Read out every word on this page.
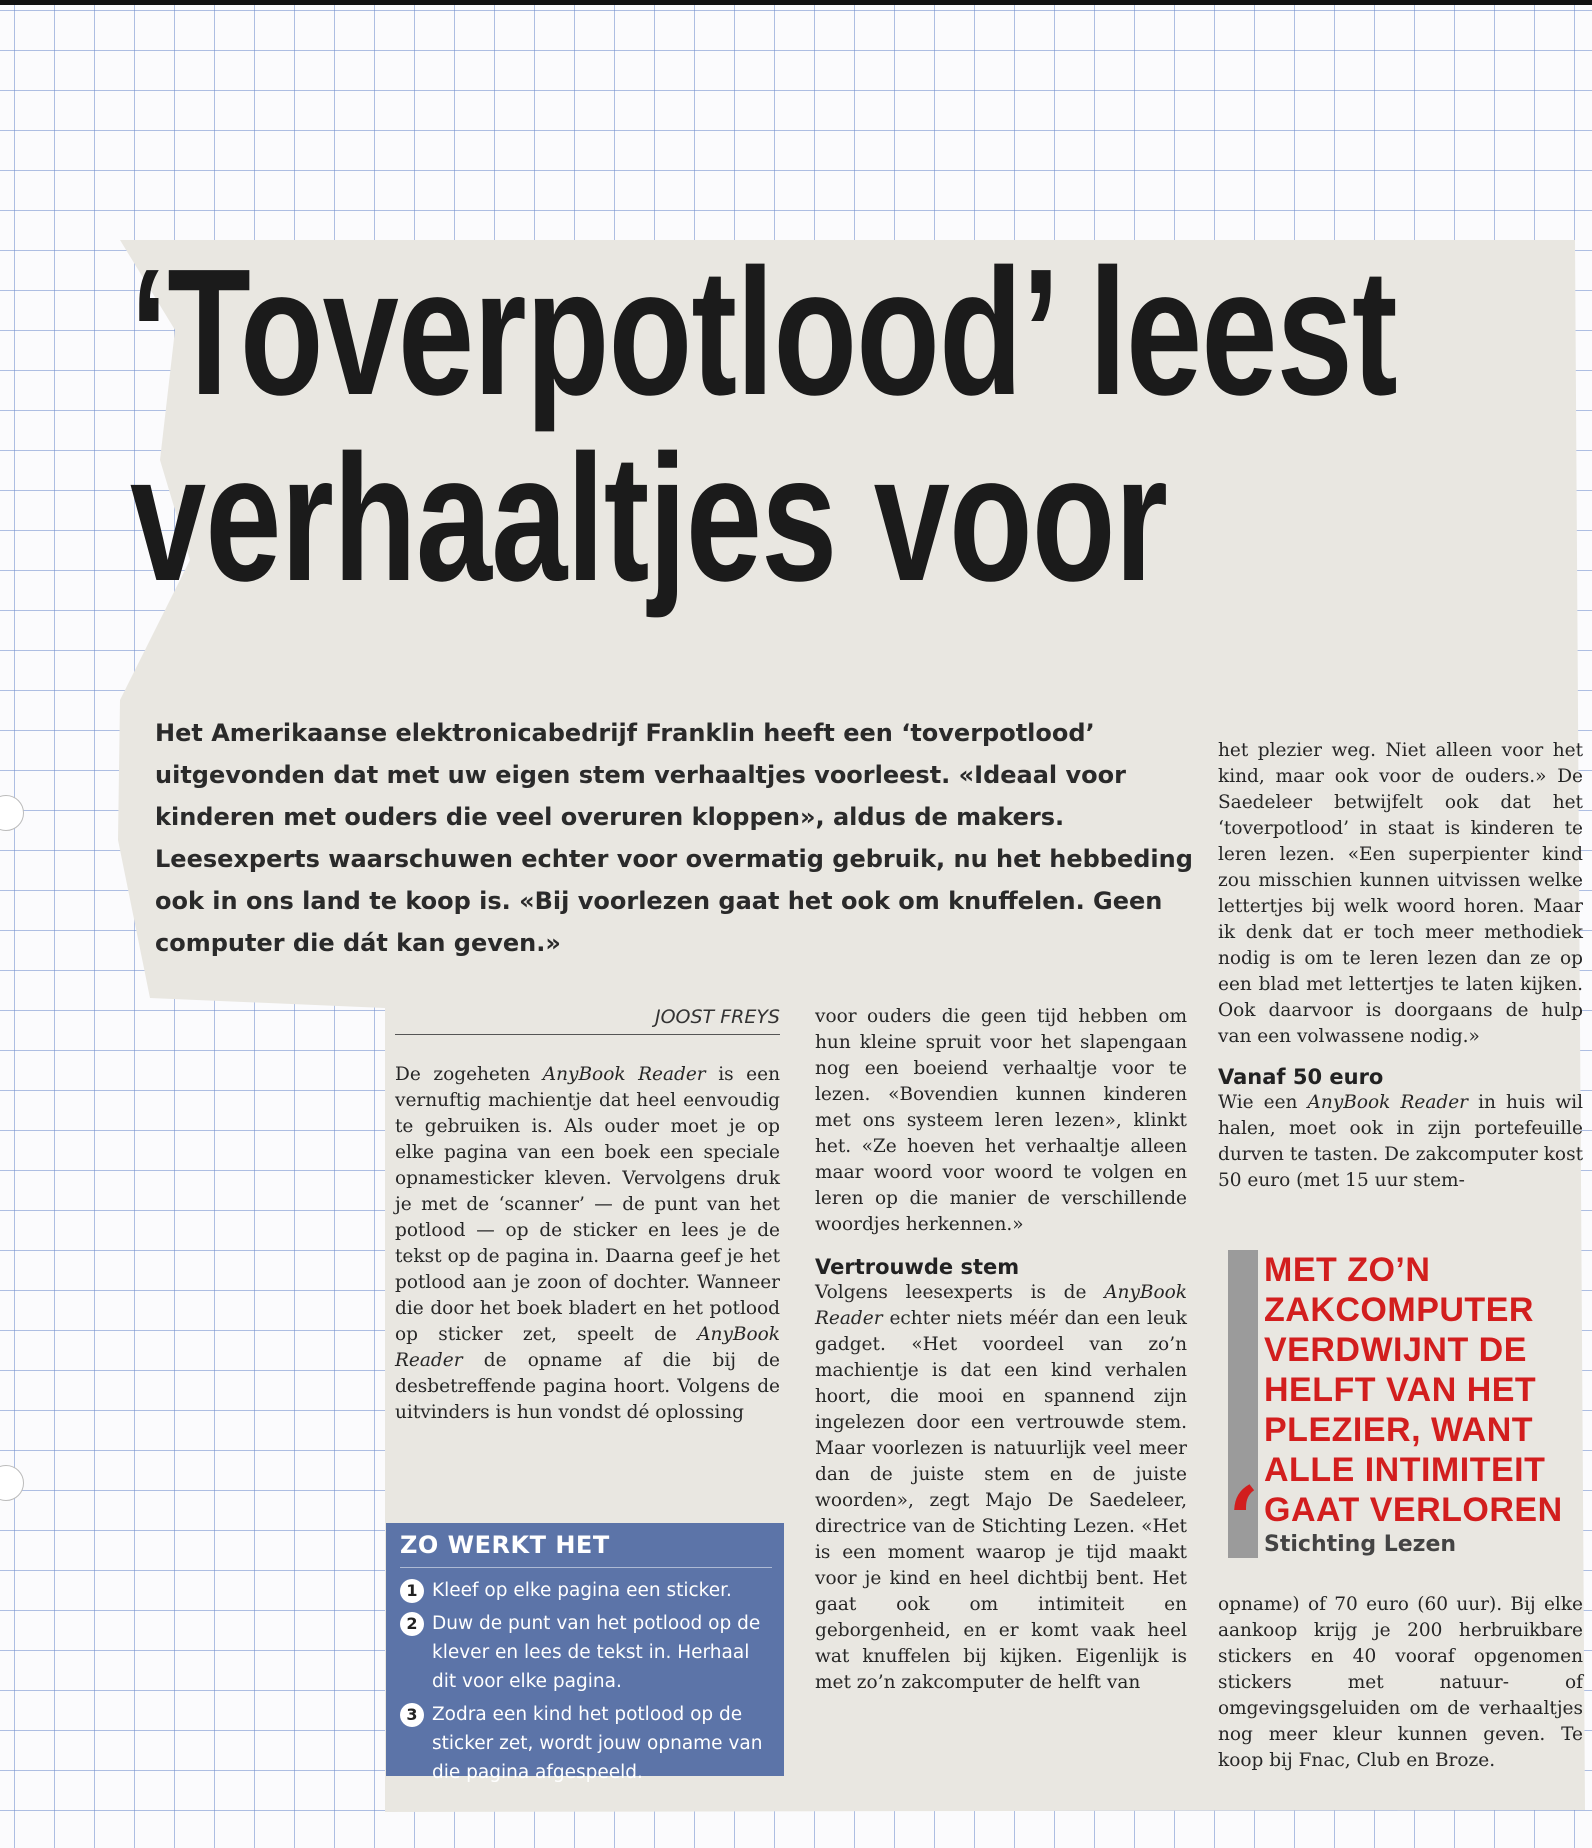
‘Toverpotlood’ leest
verhaaltjes voor

Het Amerikaanse elektronicabedrijf Franklin heeft een ‘toverpotlood’ uitgevonden dat met uw eigen stem verhaaltjes voorleest. «Ideaal voor kinderen met ouders die veel overuren kloppen», aldus de makers. Leesexperts waarschuwen echter voor overmatig gebruik, nu het hebbeding ook in ons land te koop is. «Bij voorlezen gaat het ook om knuffelen. Geen computer die dát kan geven.»

JOOST FREYS

De zogeheten AnyBook Reader is een vernuftig machientje dat heel eenvoudig te gebruiken is. Als ouder moet je op elke pagina van een boek een speciale opnamesticker kleven. Vervolgens druk je met de ‘scanner’ — de punt van het potlood — op de sticker en lees je de tekst op de pagina in. Daarna geef je het potlood aan je zoon of dochter. Wanneer die door het boek bladert en het potlood op sticker zet, speelt de AnyBook Reader de opname af die bij de desbetreffende pagina hoort. Volgens de uitvinders is hun vondst dé oplossing

ZO WERKT HET
1 Kleef op elke pagina een sticker.
2 Duw de punt van het potlood op de klever en lees de tekst in. Herhaal dit voor elke pagina.
3 Zodra een kind het potlood op de sticker zet, wordt jouw opname van die pagina afgespeeld.

voor ouders die geen tijd hebben om hun kleine spruit voor het slapengaan nog een boeiend verhaaltje voor te lezen. «Bovendien kunnen kinderen met ons systeem leren lezen», klinkt het. «Ze hoeven het verhaaltje alleen maar woord voor woord te volgen en leren op die manier de verschillende woordjes herkennen.»

Vertrouwde stem

Volgens leesexperts is de AnyBook Reader echter niets méér dan een leuk gadget. «Het voordeel van zo’n machientje is dat een kind verhalen hoort, die mooi en spannend zijn ingelezen door een vertrouwde stem. Maar voorlezen is natuurlijk veel meer dan de juiste stem en de juiste woorden», zegt Majo De Saedeleer, directrice van de Stichting Lezen. «Het is een moment waarop je tijd maakt voor je kind en heel dichtbij bent. Het gaat ook om intimiteit en geborgenheid, en er komt vaak heel wat knuffelen bij kijken. Eigenlijk is met zo’n zakcomputer de helft van

het plezier weg. Niet alleen voor het kind, maar ook voor de ouders.» De Saedeleer betwijfelt ook dat het ‘toverpotlood’ in staat is kinderen te leren lezen. «Een superpienter kind zou misschien kunnen uitvissen welke lettertjes bij welk woord horen. Maar ik denk dat er toch meer methodiek nodig is om te leren lezen dan ze op een blad met lettertjes te laten kijken. Ook daarvoor is doorgaans de hulp van een volwassene nodig.»

Vanaf 50 euro

Wie een AnyBook Reader in huis wil halen, moet ook in zijn portefeuille durven te tasten. De zakcomputer kost 50 euro (met 15 uur stem-

‘

MET ZO’N ZAKCOMPUTER VERDWIJNT DE HELFT VAN HET PLEZIER, WANT ALLE INTIMITEIT GAAT VERLOREN

Stichting Lezen

opname) of 70 euro (60 uur). Bij elke aankoop krijg je 200 herbruikbare stickers en 40 vooraf opgenomen stickers met natuur- of omgevingsgeluiden om de verhaaltjes nog meer kleur kunnen geven. Te koop bij Fnac, Club en Broze.
